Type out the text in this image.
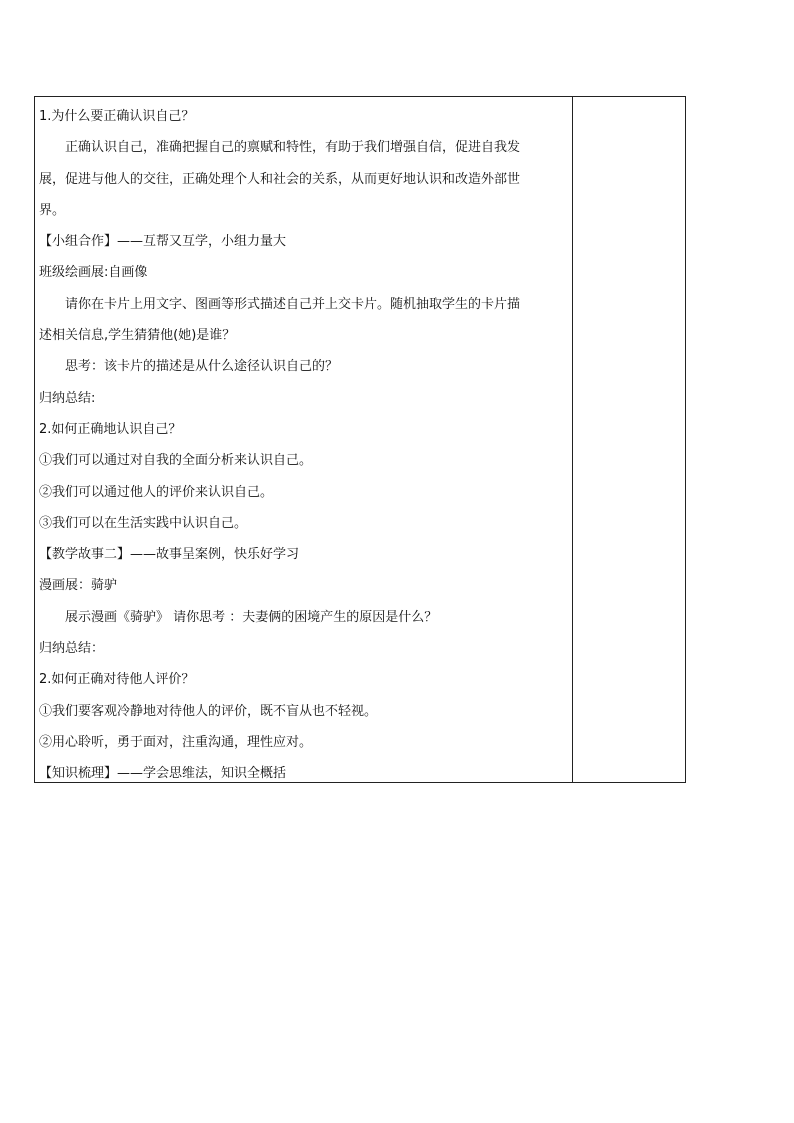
1.为什么要正确认识自己？
正确认识自己，准确把握自己的禀赋和特性，有助于我们增强自信，促进自我发
展，促进与他人的交往，正确处理个人和社会的关系，从而更好地认识和改造外部世
界。
【小组合作】——互帮又互学，小组力量大
班级绘画展:自画像
请你在卡片上用文字、图画等形式描述自己并上交卡片。随机抽取学生的卡片描
述相关信息,学生猜猜他(她)是谁？
思考：该卡片的描述是从什么途径认识自己的？
归纳总结:
2.如何正确地认识自己？
①我们可以通过对自我的全面分析来认识自己。
②我们可以通过他人的评价来认识自己。
③我们可以在生活实践中认识自己。
【教学故事二】——故事呈案例，快乐好学习
漫画展：骑驴
展示漫画《骑驴》 请你思考 ：夫妻俩的困境产生的原因是什么？
归纳总结：
2.如何正确对待他人评价？
①我们要客观冷静地对待他人的评价，既不盲从也不轻视。
②用心聆听，勇于面对，注重沟通，理性应对。
【知识梳理】——学会思维法，知识全概括
